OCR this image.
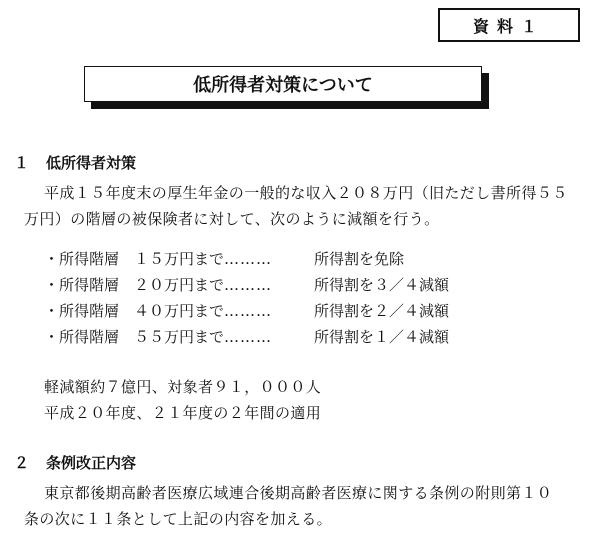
資料１
低所得者対策について
１ 低所得者対策
平成１５年度末の厚生年金の一般的な収入２０８万円（旧ただし書所得５５
万円）の階層の被保険者に対して、次のように減額を行う。
・所得階層　１５万円まで………	所得割を免除
・所得階層　２０万円まで………	所得割を３／４減額
・所得階層　４０万円まで………	所得割を２／４減額
・所得階層　５５万円まで………	所得割を１／４減額
軽減額約７億円、対象者９１，０００人
平成２０年度、２１年度の２年間の適用
２ 条例改正内容
東京都後期高齢者医療広域連合後期高齢者医療に関する条例の附則第１０
条の次に１１条として上記の内容を加える。
